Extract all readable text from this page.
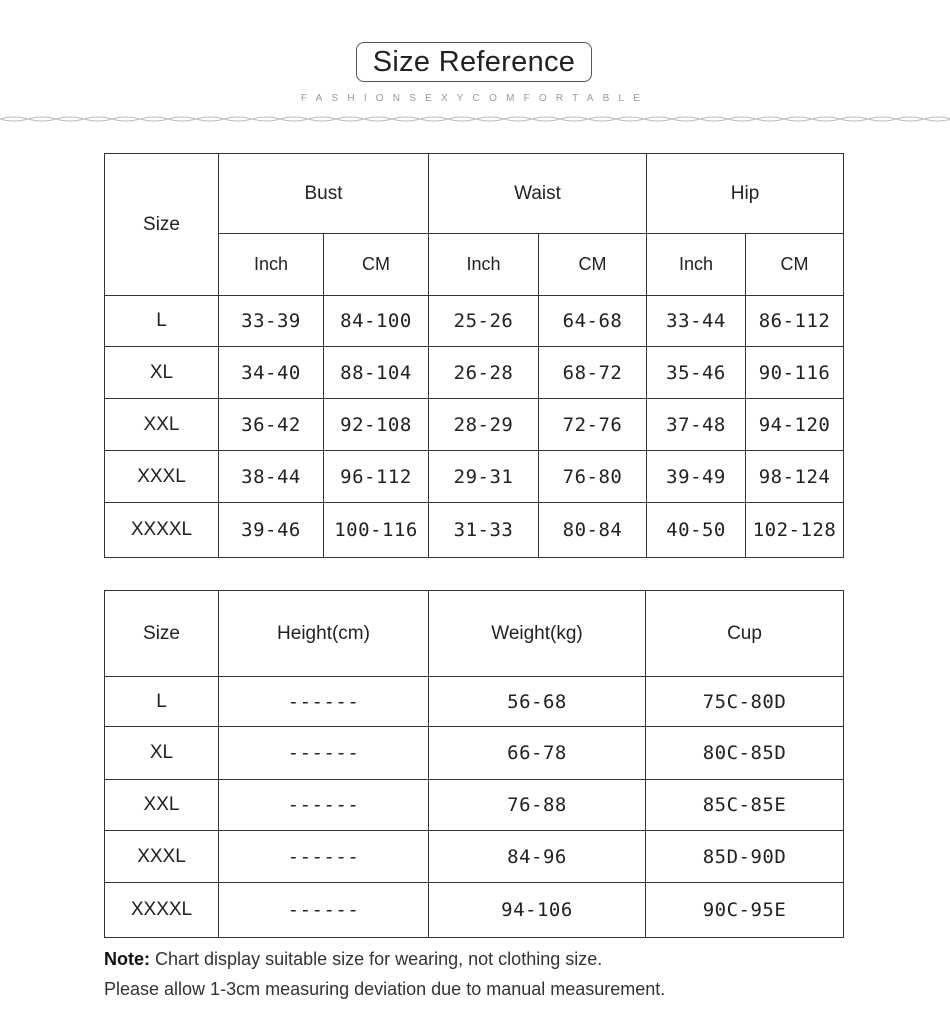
Size Reference
FASHIONSEXYCOMFORTABLE
Size	Bust		Waist		Hip	
	Inch	CM	Inch	CM	Inch	CM
L	33-39	84-100	25-26	64-68	33-44	86-112
XL	34-40	88-104	26-28	68-72	35-46	90-116
XXL	36-42	92-108	28-29	72-76	37-48	94-120
XXXL	38-44	96-112	29-31	76-80	39-49	98-124
XXXXL	39-46	100-116	31-33	80-84	40-50	102-128
Size	Height(cm)	Weight(kg)	Cup
L	------	56-68	75C-80D
XL	------	66-78	80C-85D
XXL	------	76-88	85C-85E
XXXL	------	84-96	85D-90D
XXXXL	------	94-106	90C-95E
Note: Chart display suitable size for wearing, not clothing size.
Please allow 1-3cm measuring deviation due to manual measurement.
